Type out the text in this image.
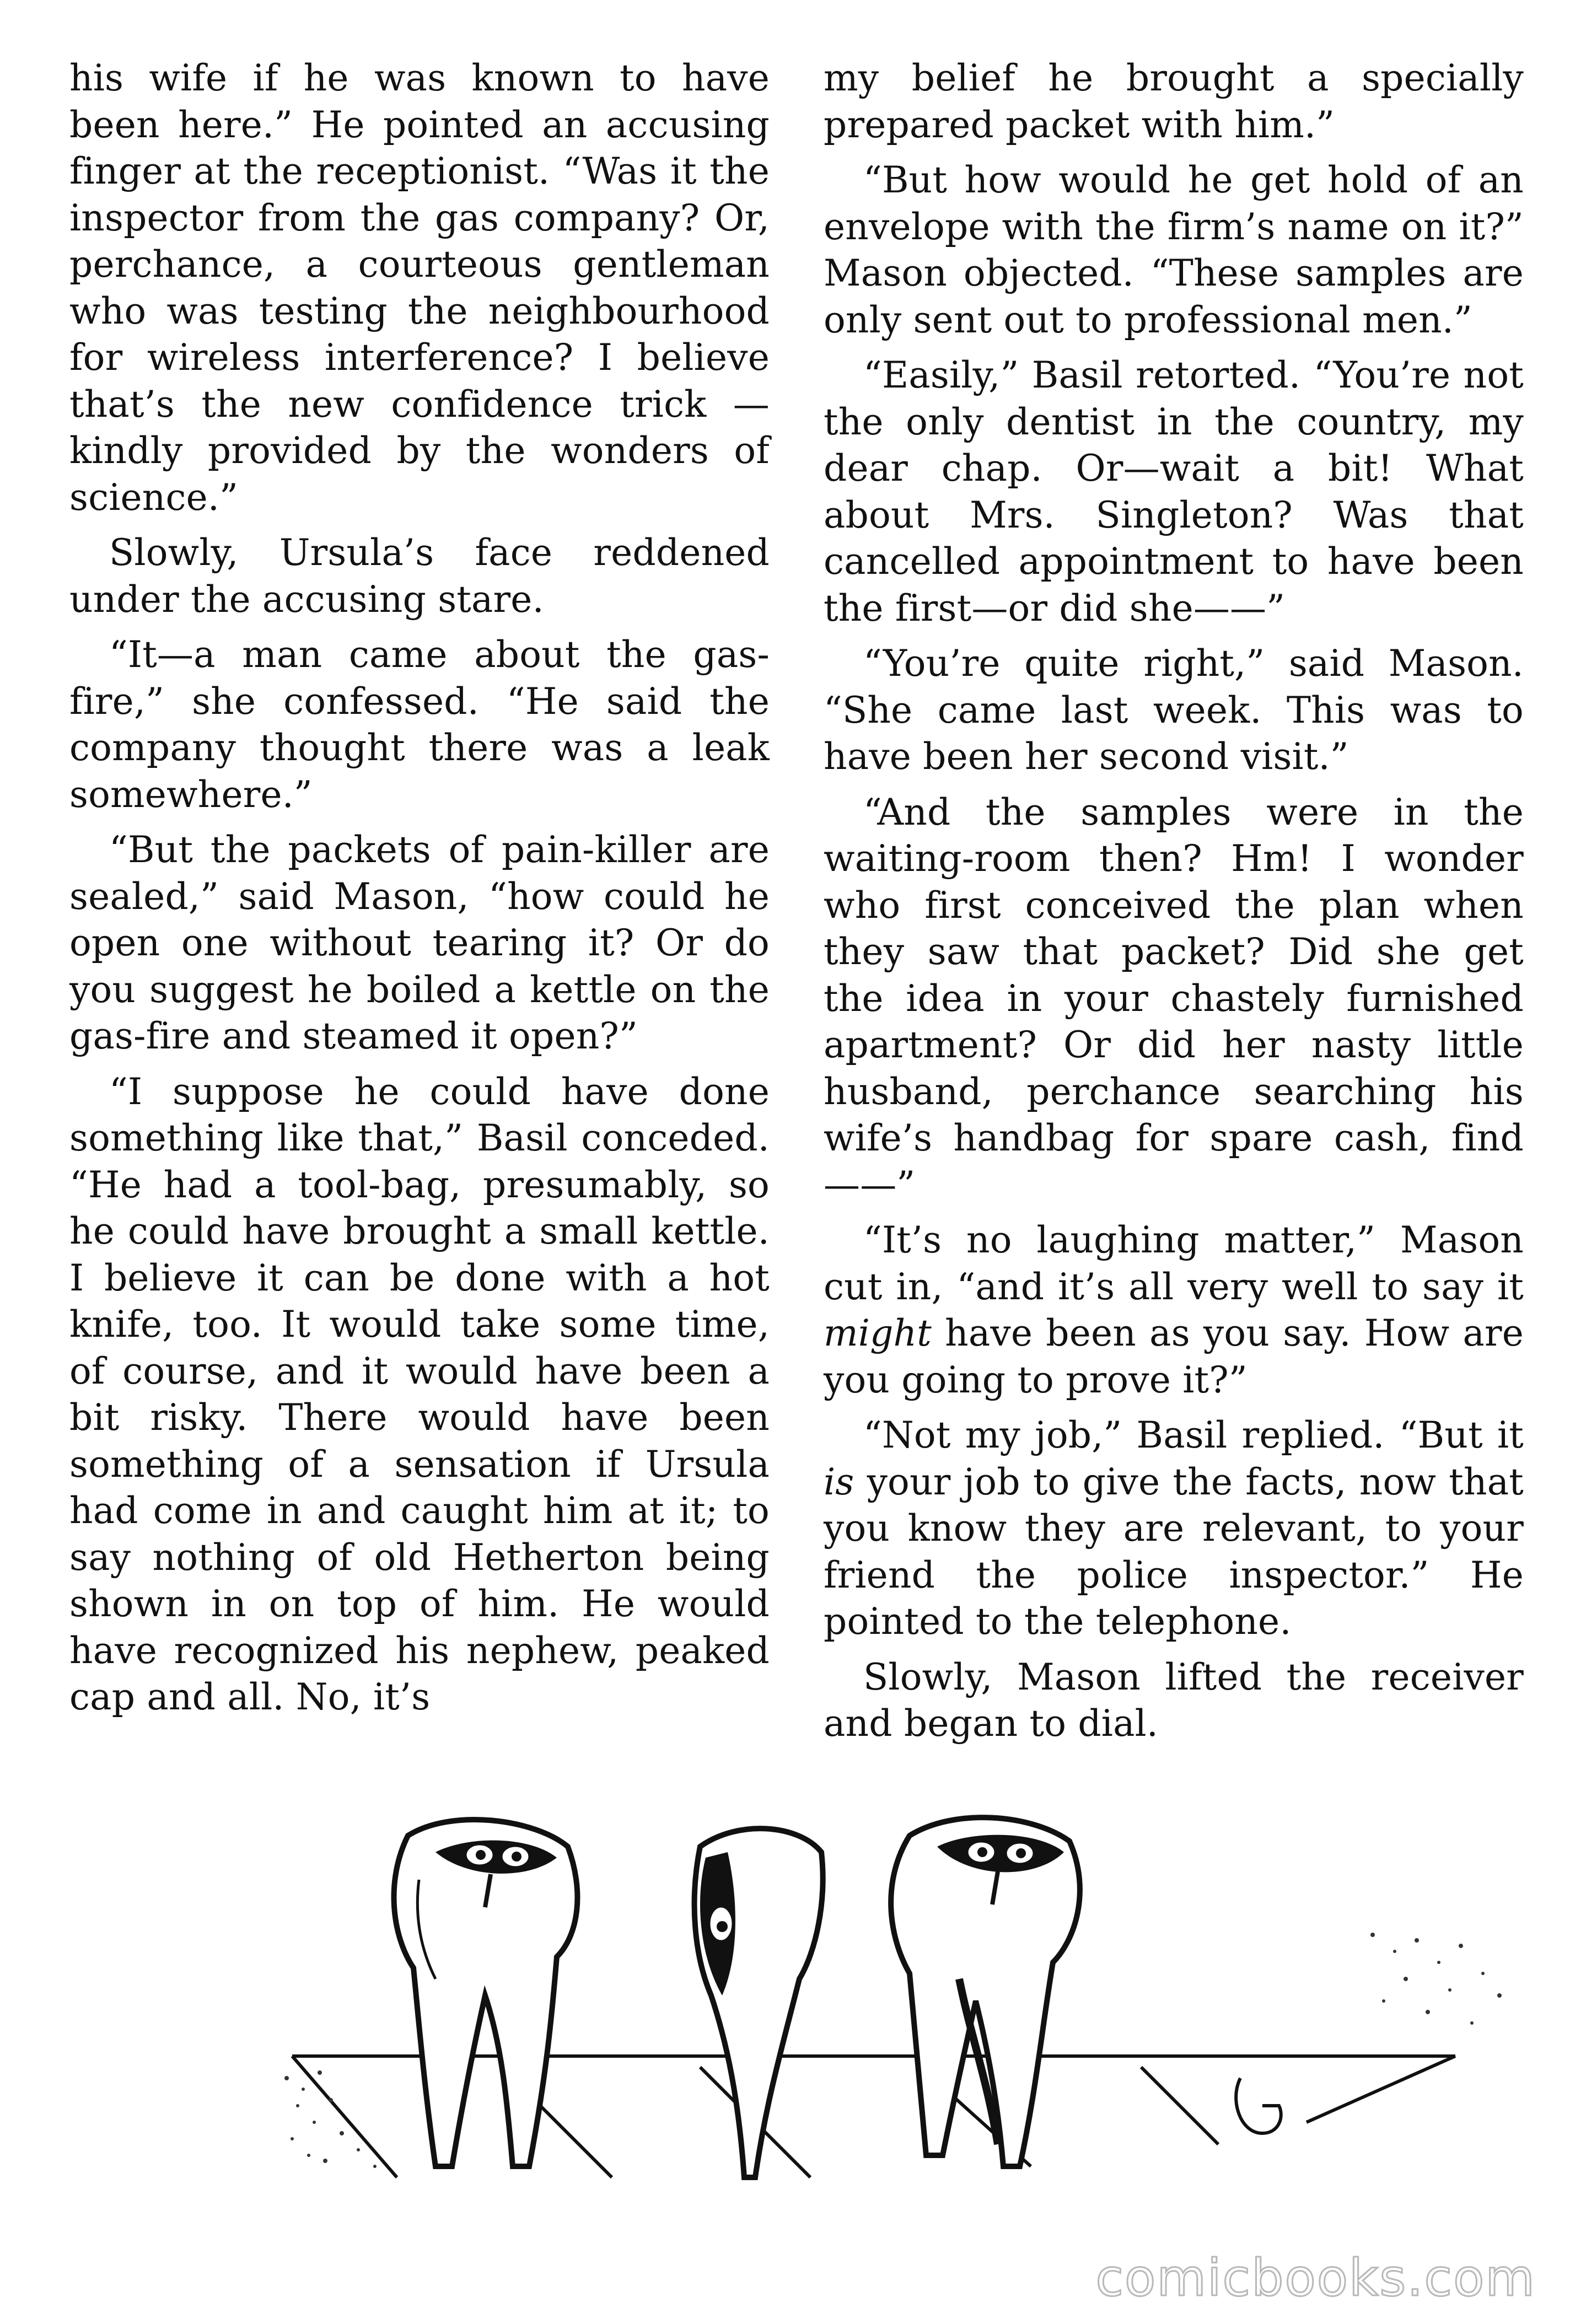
his wife if he was known to have been here.” He pointed an accusing finger at the receptionist. “Was it the inspector from the gas company? Or, perchance, a courteous gentleman who was testing the neighbourhood for wireless interference? I believe that’s the new confidence trick —kindly provided by the wonders of science.”

Slowly, Ursula’s face reddened under the accusing stare.

“It—a man came about the gas-fire,” she confessed. “He said the company thought there was a leak somewhere.”

“But the packets of pain-killer are sealed,” said Mason, “how could he open one without tearing it? Or do you suggest he boiled a kettle on the gas-fire and steamed it open?”

“I suppose he could have done something like that,” Basil conceded. “He had a tool-bag, presumably, so he could have brought a small kettle. I believe it can be done with a hot knife, too. It would take some time, of course, and it would have been a bit risky. There would have been something of a sensation if Ursula had come in and caught him at it; to say nothing of old Hetherton being shown in on top of him. He would have recognized his nephew, peaked cap and all. No, it’s

my belief he brought a specially prepared packet with him.”

“But how would he get hold of an envelope with the firm’s name on it?” Mason objected. “These samples are only sent out to professional men.”

“Easily,” Basil retorted. “You’re not the only dentist in the country, my dear chap. Or—wait a bit! What about Mrs. Singleton? Was that cancelled appointment to have been the first—or did she——”

“You’re quite right,” said Mason. “She came last week. This was to have been her second visit.”

“And the samples were in the waiting-room then? Hm! I wonder who first conceived the plan when they saw that packet? Did she get the idea in your chastely furnished apartment? Or did her nasty little husband, perchance searching his wife’s handbag for spare cash, find——”

“It’s no laughing matter,” Mason cut in, “and it’s all very well to say it might have been as you say. How are you going to prove it?”

“Not my job,” Basil replied. “But it is your job to give the facts, now that you know they are relevant, to your friend the police inspector.” He pointed to the telephone.

Slowly, Mason lifted the receiver and began to dial.

comicbooks.com
